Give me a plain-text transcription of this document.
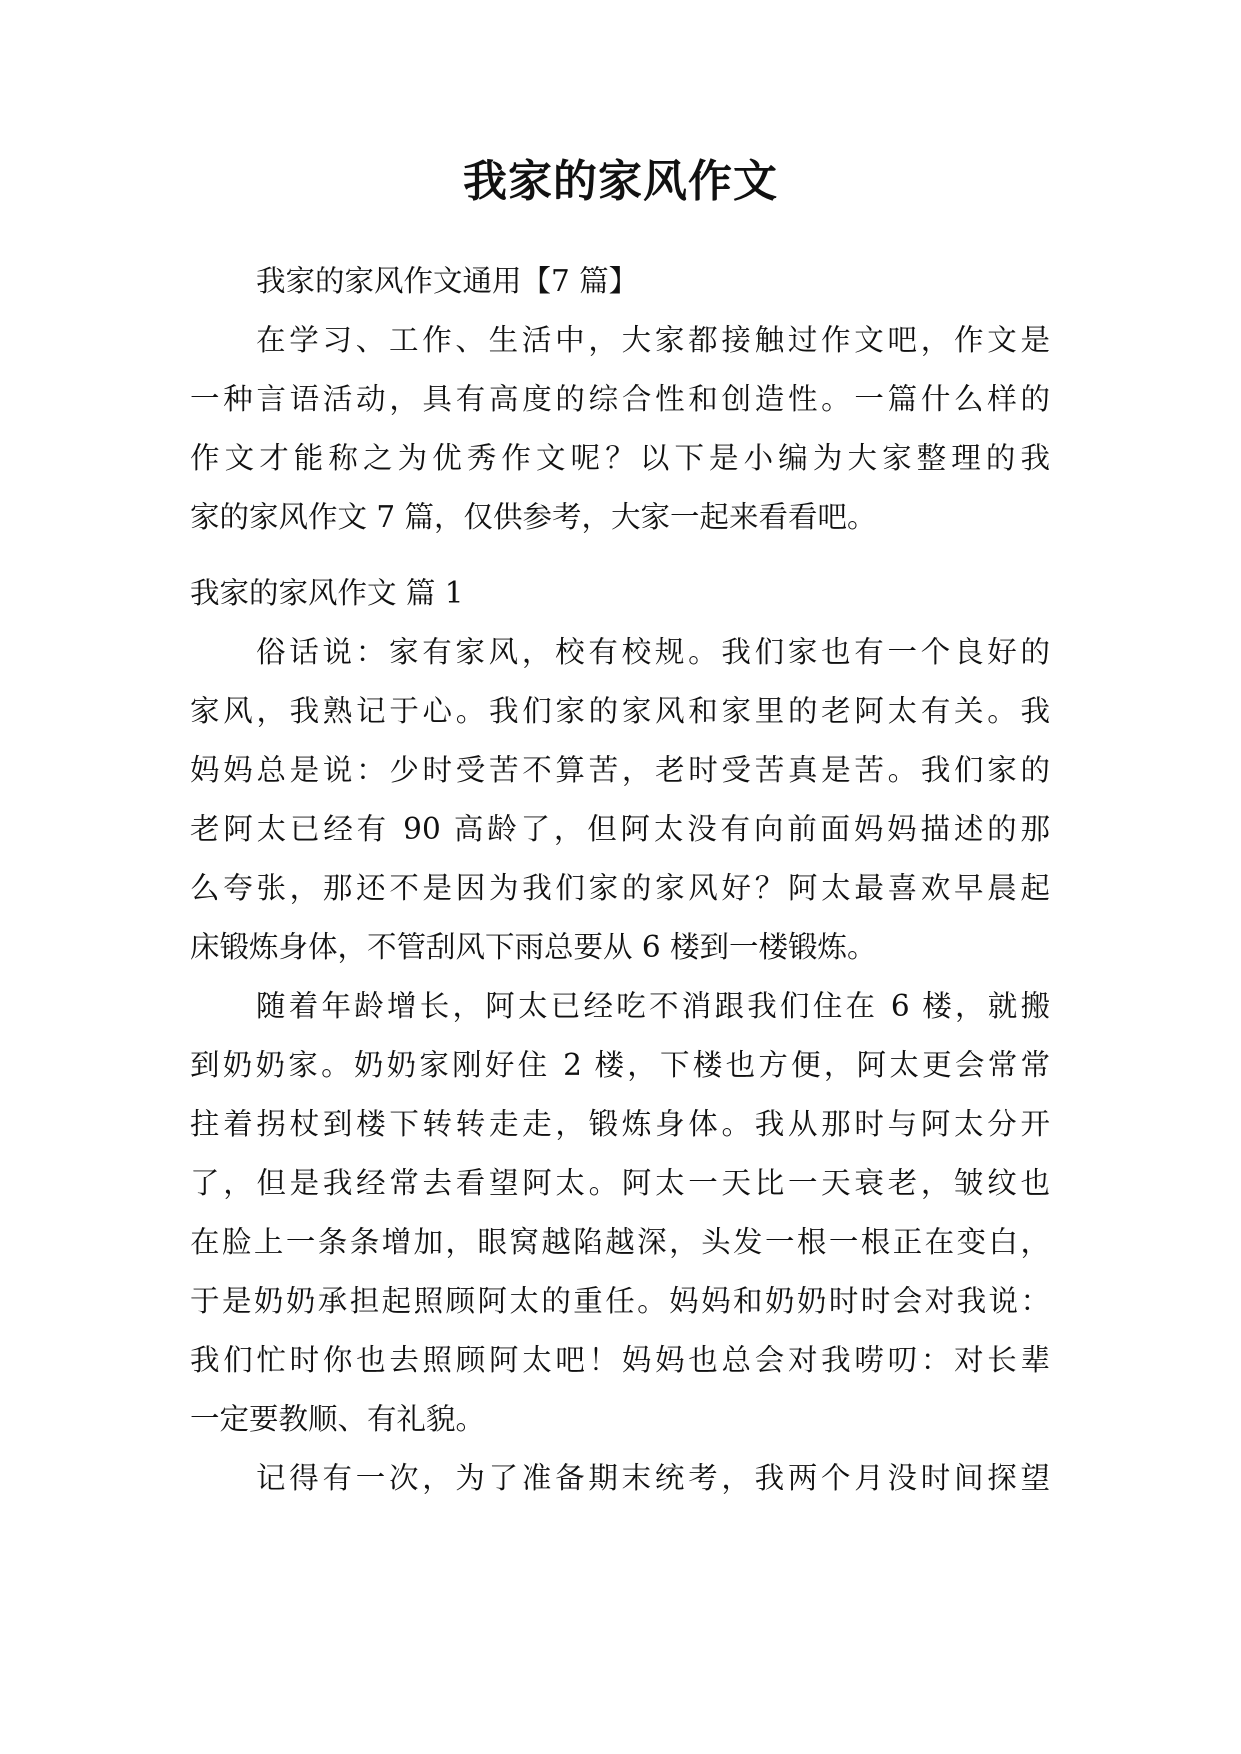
我家的家风作文
我家的家风作文通用【7 篇】
在学习、工作、生活中，大家都接触过作文吧，作文是
一种言语活动，具有高度的综合性和创造性。一篇什么样的
作文才能称之为优秀作文呢？以下是小编为大家整理的我
家的家风作文 7 篇，仅供参考，大家一起来看看吧。
我家的家风作文 篇 1
俗话说：家有家风，校有校规。我们家也有一个良好的
家风，我熟记于心。我们家的家风和家里的老阿太有关。我
妈妈总是说：少时受苦不算苦，老时受苦真是苦。我们家的
老阿太已经有 90 高龄了，但阿太没有向前面妈妈描述的那
么夸张，那还不是因为我们家的家风好？阿太最喜欢早晨起
床锻炼身体，不管刮风下雨总要从 6 楼到一楼锻炼。
随着年龄增长，阿太已经吃不消跟我们住在 6 楼，就搬
到奶奶家。奶奶家刚好住 2 楼，下楼也方便，阿太更会常常
拄着拐杖到楼下转转走走，锻炼身体。我从那时与阿太分开
了，但是我经常去看望阿太。阿太一天比一天衰老，皱纹也
在脸上一条条增加，眼窝越陷越深，头发一根一根正在变白，
于是奶奶承担起照顾阿太的重任。妈妈和奶奶时时会对我说：
我们忙时你也去照顾阿太吧！妈妈也总会对我唠叨：对长辈
一定要教顺、有礼貌。
记得有一次，为了准备期末统考，我两个月没时间探望
